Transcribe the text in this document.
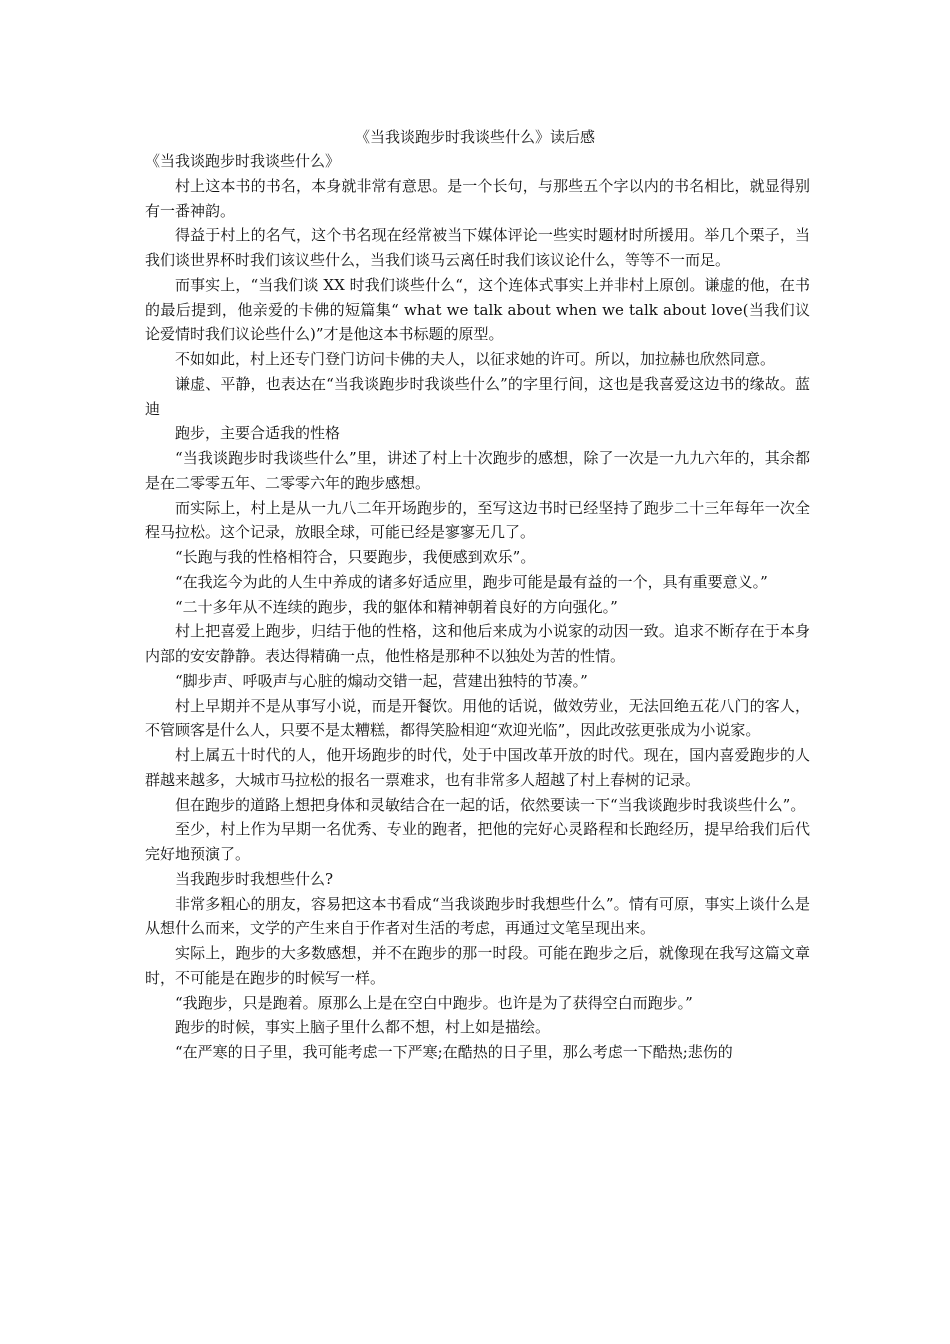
《当我谈跑步时我谈些什么》读后感

《当我谈跑步时我谈些什么》

村上这本书的书名，本身就非常有意思。是一个长句，与那些五个字以内的书名相比，就显得别有一番神韵。

得益于村上的名气，这个书名现在经常被当下媒体评论一些实时题材时所援用。举几个栗子，当我们谈世界杯时我们该议些什么，当我们谈马云离任时我们该议论什么，等等不一而足。

而事实上，“当我们谈 XX 时我们谈些什么“，这个连体式事实上并非村上原创。谦虚的他，在书的最后提到，他亲爱的卡佛的短篇集“ what we talk about when we talk about love(当我们议论爱情时我们议论些什么)”才是他这本书标题的原型。

不如如此，村上还专门登门访问卡佛的夫人，以征求她的许可。所以，加拉赫也欣然同意。

谦虚、平静，也表达在“当我谈跑步时我谈些什么”的字里行间，这也是我喜爱这边书的缘故。蓝迪

跑步，主要合适我的性格

“当我谈跑步时我谈些什么”里，讲述了村上十次跑步的感想，除了一次是一九九六年的，其余都是在二零零五年、二零零六年的跑步感想。

而实际上，村上是从一九八二年开场跑步的，至写这边书时已经坚持了跑步二十三年每年一次全程马拉松。这个记录，放眼全球，可能已经是寥寥无几了。

“长跑与我的性格相符合，只要跑步，我便感到欢乐”。

“在我迄今为此的人生中养成的诸多好适应里，跑步可能是最有益的一个，具有重要意义。”

“二十多年从不连续的跑步，我的躯体和精神朝着良好的方向强化。”

村上把喜爱上跑步，归结于他的性格，这和他后来成为小说家的动因一致。追求不断存在于本身内部的安安静静。表达得精确一点，他性格是那种不以独处为苦的性情。

“脚步声、呼吸声与心脏的煽动交错一起，营建出独特的节凑。”

村上早期并不是从事写小说，而是开餐饮。用他的话说，做效劳业，无法回绝五花八门的客人，不管顾客是什么人，只要不是太糟糕，都得笑脸相迎“欢迎光临”，因此改弦更张成为小说家。

村上属五十时代的人，他开场跑步的时代，处于中国改革开放的时代。现在，国内喜爱跑步的人群越来越多，大城市马拉松的报名一票难求，也有非常多人超越了村上春树的记录。

但在跑步的道路上想把身体和灵敏结合在一起的话，依然要读一下“当我谈跑步时我谈些什么”。

至少，村上作为早期一名优秀、专业的跑者，把他的完好心灵路程和长跑经历，提早给我们后代完好地预演了。

当我跑步时我想些什么?

非常多粗心的朋友，容易把这本书看成“当我谈跑步时我想些什么”。情有可原，事实上谈什么是从想什么而来，文学的产生来自于作者对生活的考虑，再通过文笔呈现出来。

实际上，跑步的大多数感想，并不在跑步的那一时段。可能在跑步之后，就像现在我写这篇文章时，不可能是在跑步的时候写一样。

“我跑步，只是跑着。原那么上是在空白中跑步。也许是为了获得空白而跑步。”

跑步的时候，事实上脑子里什么都不想，村上如是描绘。

“在严寒的日子里，我可能考虑一下严寒;在酷热的日子里，那么考虑一下酷热;悲伤的
